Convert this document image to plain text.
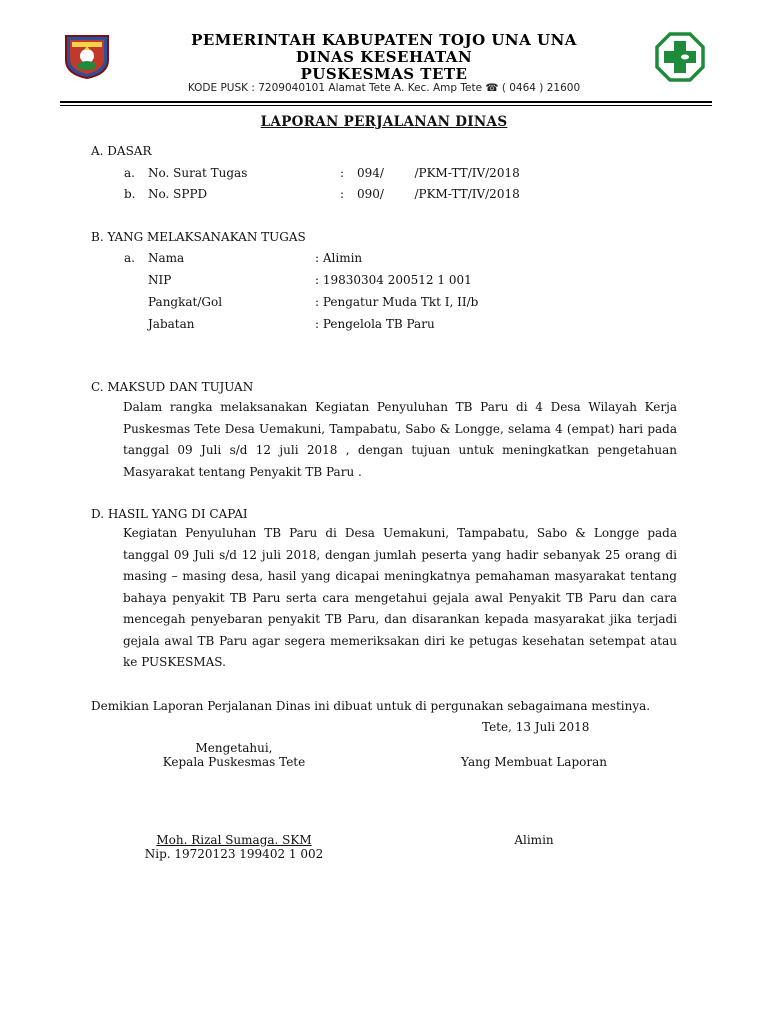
PEMERINTAH KABUPATEN TOJO UNA UNA
DINAS KESEHATAN
PUSKESMAS TETE
KODE PUSK : 7209040101 Alamat Tete A. Kec. Amp Tete ☎ ( 0464 ) 21600
LAPORAN PERJALANAN DINAS
A. DASAR
a. No. Surat Tugas	: 094/        /PKM-TT/IV/2018
b. No. SPPD	: 090/        /PKM-TT/IV/2018
B. YANG MELAKSANAKAN TUGAS
a. Nama	: Alimin
NIP	: 19830304 200512 1 001
Pangkat/Gol	: Pengatur Muda Tkt I, II/b
Jabatan	: Pengelola TB Paru
C. MAKSUD DAN TUJUAN
Dalam rangka melaksanakan Kegiatan Penyuluhan TB Paru di 4 Desa Wilayah Kerja Puskesmas Tete Desa Uemakuni, Tampabatu, Sabo & Longge, selama 4 (empat) hari pada tanggal 09 Juli s/d 12 juli 2018 , dengan tujuan untuk meningkatkan pengetahuan Masyarakat tentang Penyakit TB Paru .
D. HASIL YANG DI CAPAI
Kegiatan Penyuluhan TB Paru di Desa Uemakuni, Tampabatu, Sabo & Longge pada tanggal 09 Juli s/d 12 juli 2018, dengan jumlah peserta yang hadir sebanyak 25 orang di masing – masing desa, hasil yang dicapai meningkatnya pemahaman masyarakat tentang bahaya penyakit TB Paru serta cara mengetahui gejala awal Penyakit TB Paru dan cara mencegah penyebaran penyakit TB Paru, dan disarankan kepada masyarakat jika terjadi gejala awal TB Paru agar segera memeriksakan diri ke petugas kesehatan setempat atau ke PUSKESMAS.
Demikian Laporan Perjalanan Dinas ini dibuat untuk di pergunakan sebagaimana mestinya.
Tete, 13 Juli 2018
Mengetahui,
Kepala Puskesmas Tete	Yang Membuat Laporan
Moh. Rizal Sumaga. SKM
Nip. 19720123 199402 1 002
Alimin
